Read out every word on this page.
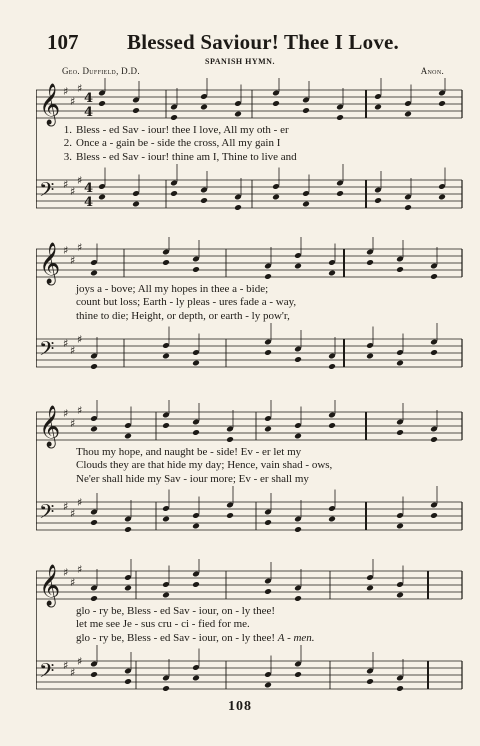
107 Blessed Saviour! Thee I Love.
SPANISH HYMN.
Geo. Duffield, D.D.	Anon.
𝄞 ♯
♯
♯
𝄢 ♯
♯
♯
4
4
4
4
1. Bless - ed Sav - iour! thee I love, All my oth - er
2. Once a - gain be - side the cross, All my gain I
3. Bless - ed Sav - iour! thine am I, Thine to live and
𝄞 ♯
♯
♯
𝄢 ♯
♯
♯
joys a - bove; All my hopes in thee a - bide;
count but loss; Earth - ly pleas - ures fade a - way,
thine to die; Height, or depth, or earth - ly pow'r,
𝄞 ♯
♯
♯
𝄢 ♯
♯
♯
Thou my hope, and naught be - side! Ev - er let my
Clouds they are that hide my day; Hence, vain shad - ows,
Ne'er shall hide my Sav - iour more; Ev - er shall my
𝄞 ♯
♯
♯
𝄢 ♯
♯
♯
glo - ry be, Bless - ed Sav - iour, on - ly thee!
let me see Je - sus cru - ci - fied for me.
glo - ry be, Bless - ed Sav - iour, on - ly thee! A - men.
108
